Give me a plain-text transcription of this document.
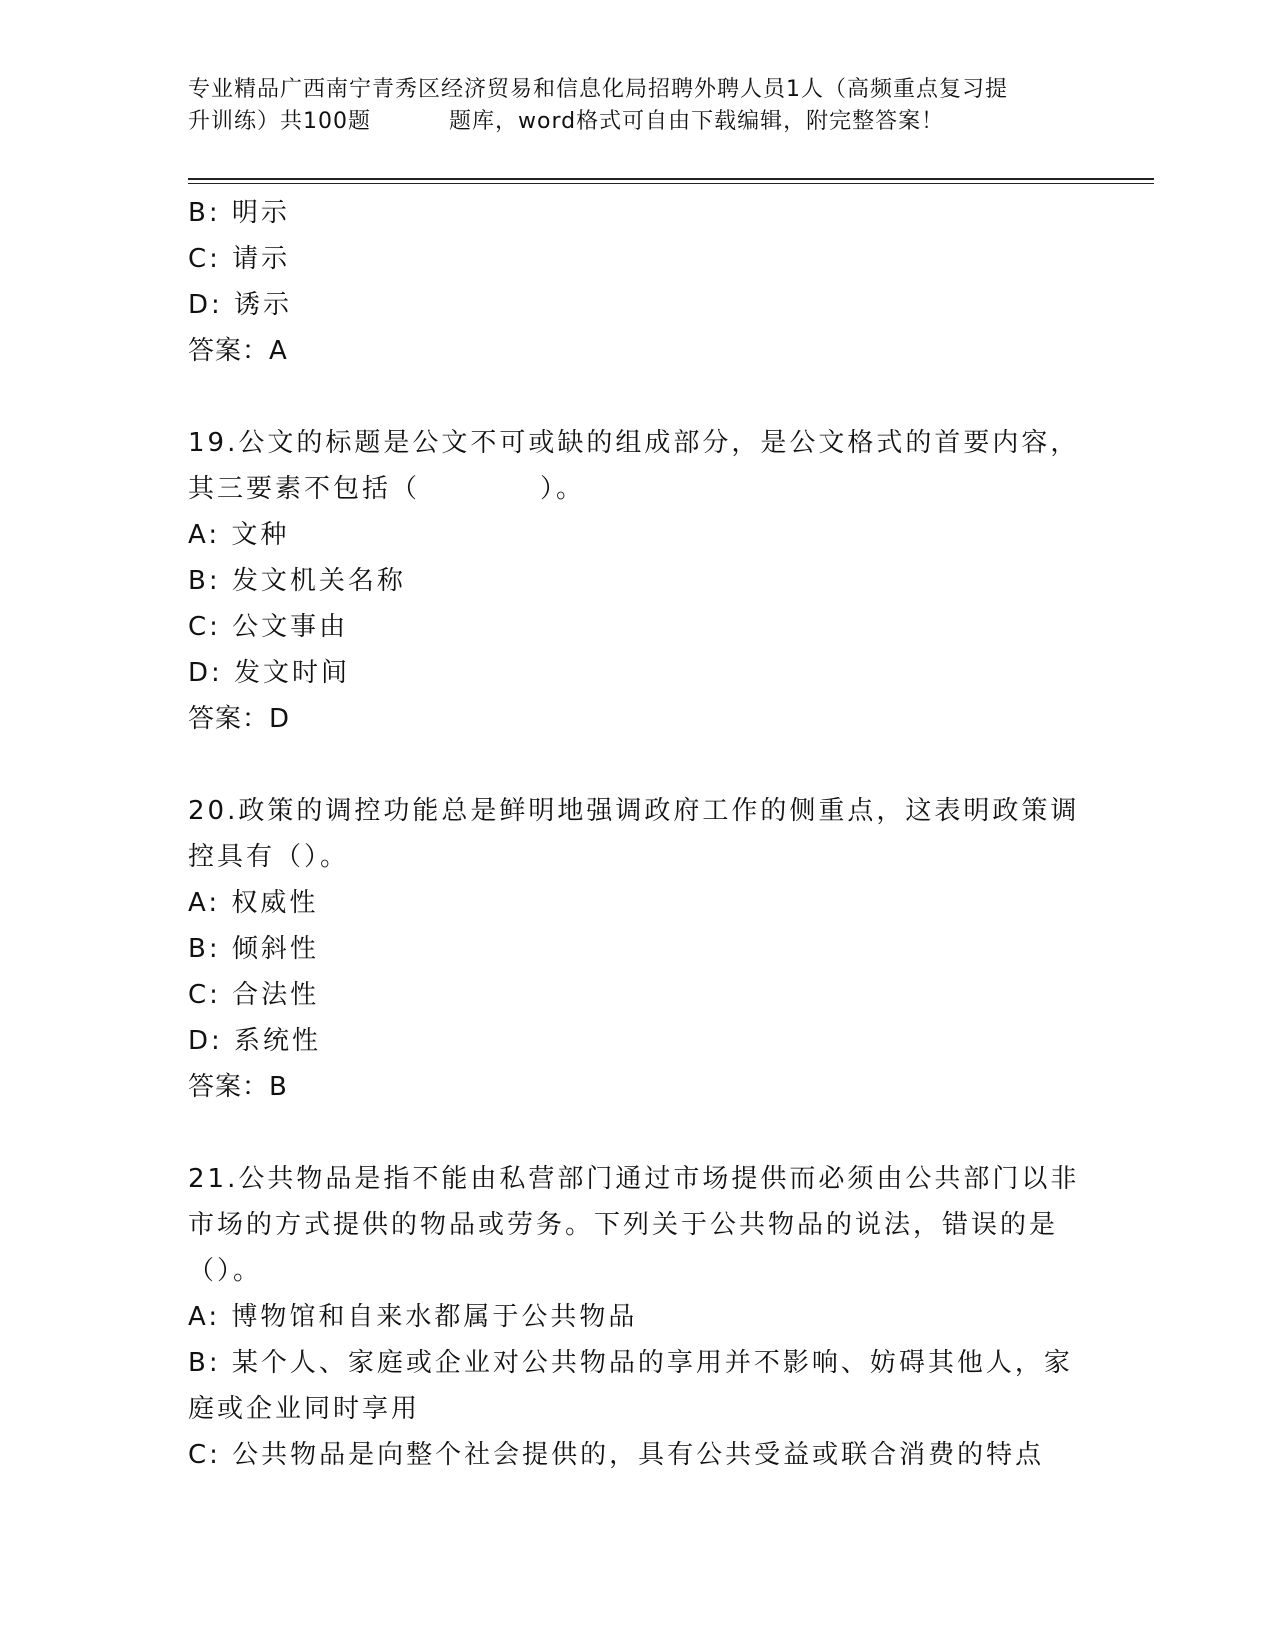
专业精品广西南宁青秀区经济贸易和信息化局招聘外聘人员1人（高频重点复习提
升训练）共100题	题库，word格式可自由下载编辑，附完整答案！
B: 明示
C: 请示
D: 诱示
答案：A
19.公文的标题是公文不可或缺的组成部分，是公文格式的首要内容，
其三要素不包括（	）。
A: 文种
B: 发文机关名称
C: 公文事由
D: 发文时间
答案：D
20.政策的调控功能总是鲜明地强调政府工作的侧重点，这表明政策调
控具有（）。
A: 权威性
B: 倾斜性
C: 合法性
D: 系统性
答案：B
21.公共物品是指不能由私营部门通过市场提供而必须由公共部门以非
市场的方式提供的物品或劳务。下列关于公共物品的说法，错误的是
（）。
A: 博物馆和自来水都属于公共物品
B: 某个人、家庭或企业对公共物品的享用并不影响、妨碍其他人，家
庭或企业同时享用
C: 公共物品是向整个社会提供的，具有公共受益或联合消费的特点
